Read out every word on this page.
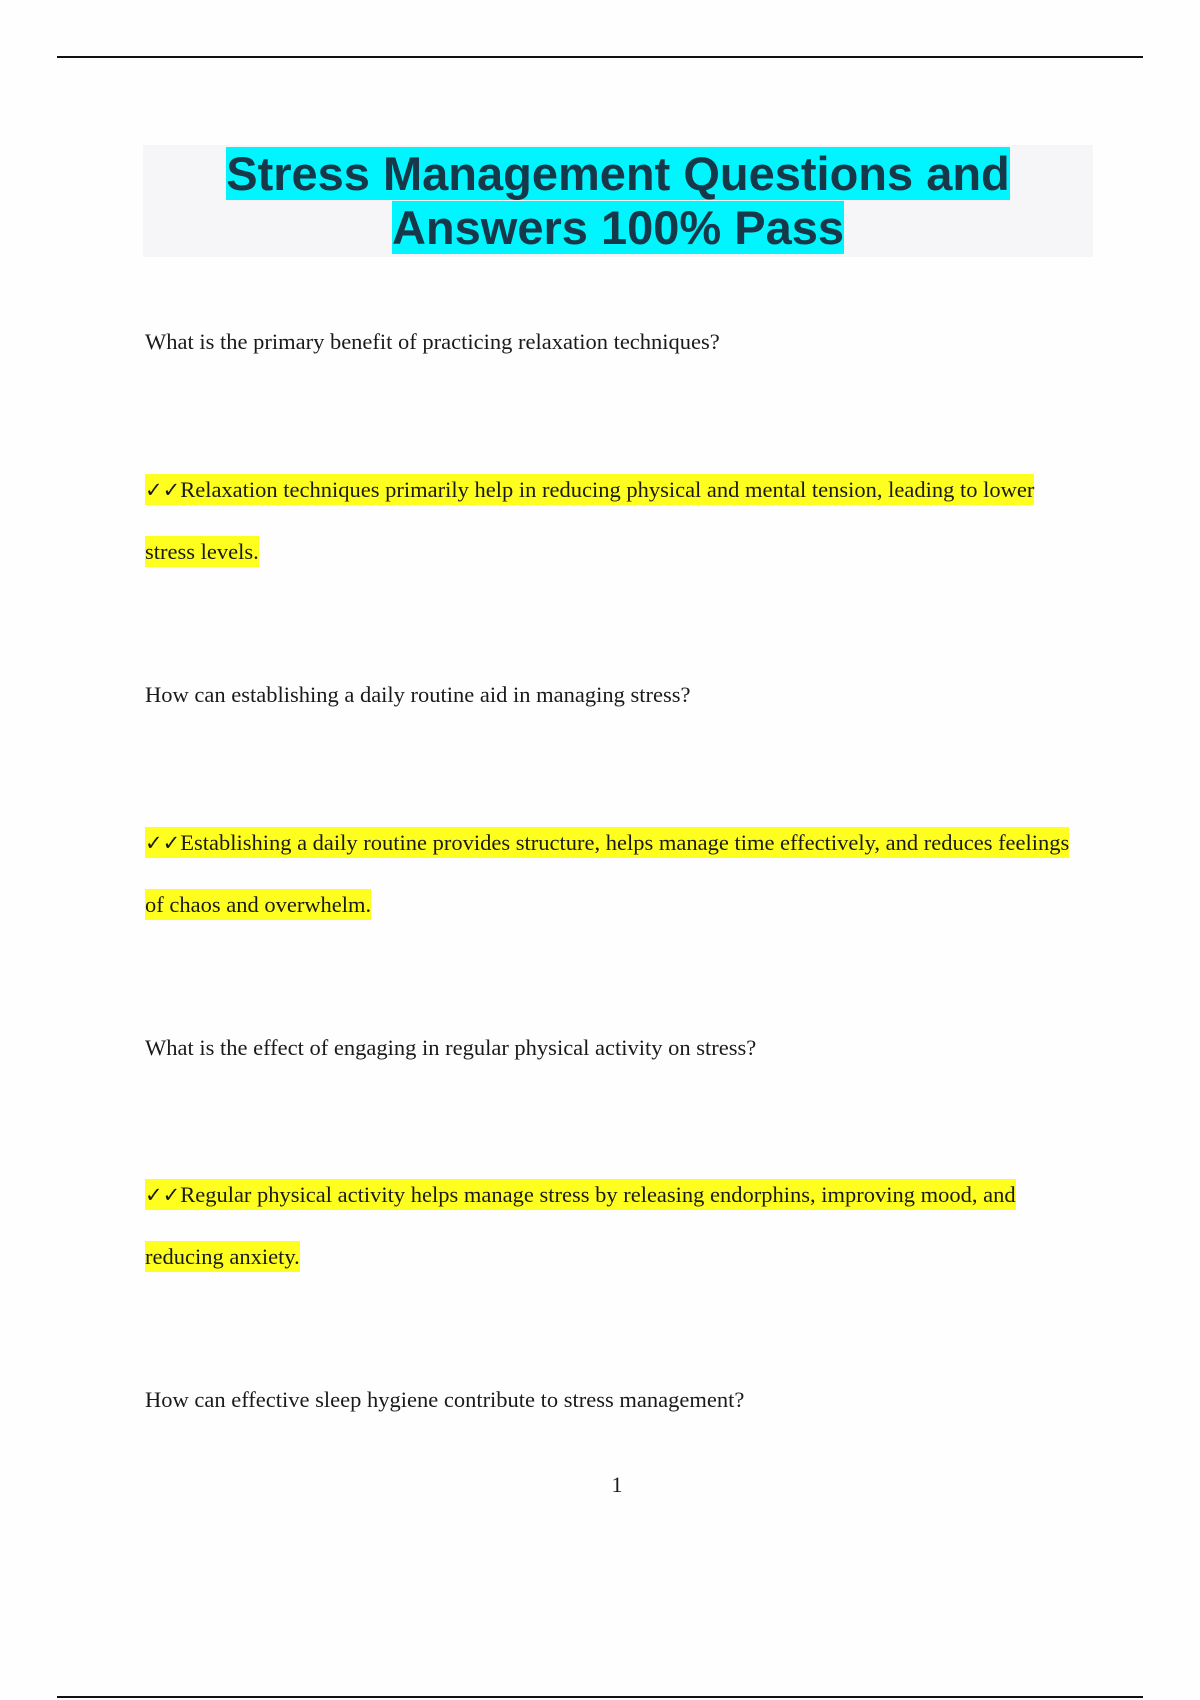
Stress Management Questions and Answers 100% Pass

What is the primary benefit of practicing relaxation techniques?

✓✓Relaxation techniques primarily help in reducing physical and mental tension, leading to lower stress levels.

How can establishing a daily routine aid in managing stress?

✓✓Establishing a daily routine provides structure, helps manage time effectively, and reduces feelings of chaos and overwhelm.

What is the effect of engaging in regular physical activity on stress?

✓✓Regular physical activity helps manage stress by releasing endorphins, improving mood, and reducing anxiety.

How can effective sleep hygiene contribute to stress management?

1
